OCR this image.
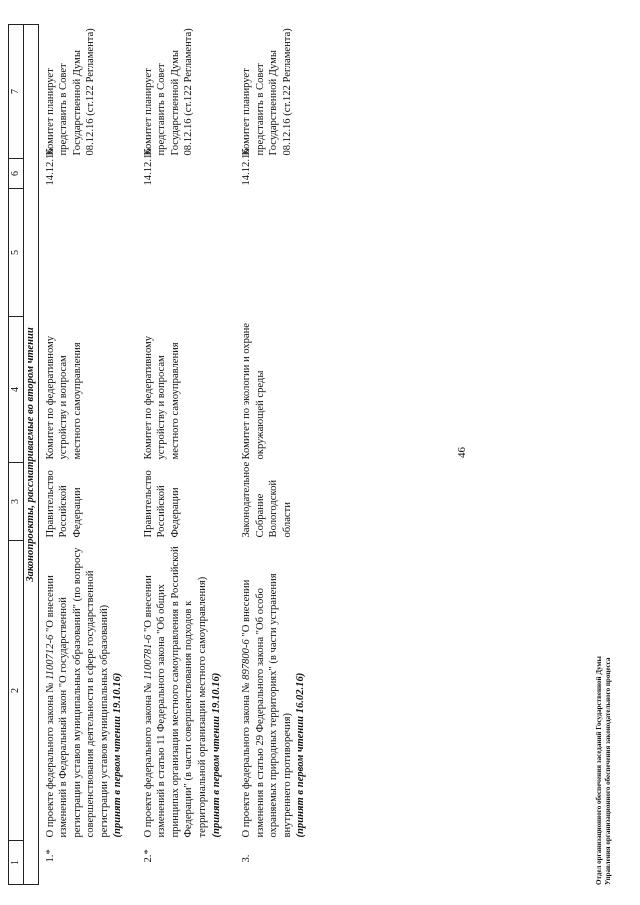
1	2	3	4	5	6	7
Законопроекты, рассматриваемые во втором чтении						
1.*	О проекте федерального закона № 1100712-6 "О внесении изменений в Федеральный закон "О государственной регистрации уставов муниципальных образований" (по вопросу совершенствования деятельности в сфере государственной регистрации уставов муниципальных образований) (принят в первом чтении 19.10.16)	Правительство Российской Федерации	Комитет по федеративному устройству и вопросам местного самоуправления		14.12.16	Комитет планирует представить в Совет Государственной Думы 08.12.16 (ст.122 Регламента)
2.*	О проекте федерального закона № 1100781-6 "О внесении изменений в статью 11 Федерального закона "Об общих принципах организации местного самоуправления в Российской Федерации" (в части совершенствования подходов к территориальной организации местного самоуправления) (принят в первом чтении 19.10.16)	Правительство Российской Федерации	Комитет по федеративному устройству и вопросам местного самоуправления		14.12.16	Комитет планирует представить в Совет Государственной Думы 08.12.16 (ст.122 Регламента)
3.	О проекте федерального закона № 897800-6 "О внесении изменения в статью 29 Федерального закона "Об особо охраняемых природных территориях" (в части устранения внутреннего противоречия) (принят в первом чтении 16.02.16)	Законодательное Собрание Вологодской области	Комитет по экологии и охране окружающей среды		14.12.16	Комитет планирует представить в Совет Государственной Думы 08.12.16 (ст.122 Регламента)
46
Отдел организационного обеспечения заседаний Государственной Думы Управления организационного обеспечения законодательного процесса
